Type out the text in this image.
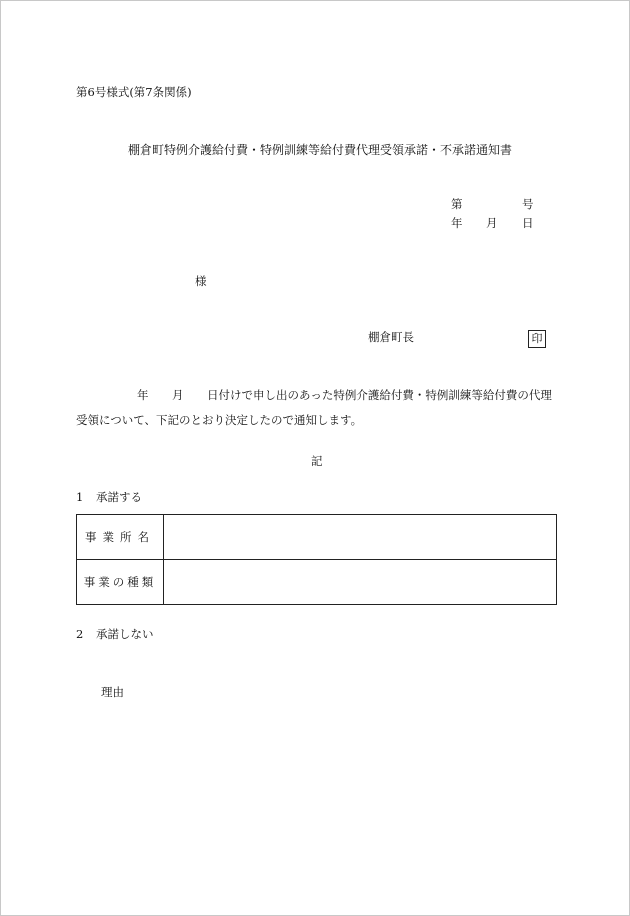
第6号様式(第7条関係)
棚倉町特例介護給付費・特例訓練等給付費代理受領承諾・不承諾通知書
第	号
年 月 日
様
棚倉町長	印
年 月 日付けで申し出のあった特例介護給付費・特例訓練等給付費の代理
受領について、下記のとおり決定したので通知します。
記
1 承諾する
事業所名	
事業の種類	
2 承諾しない
理由
